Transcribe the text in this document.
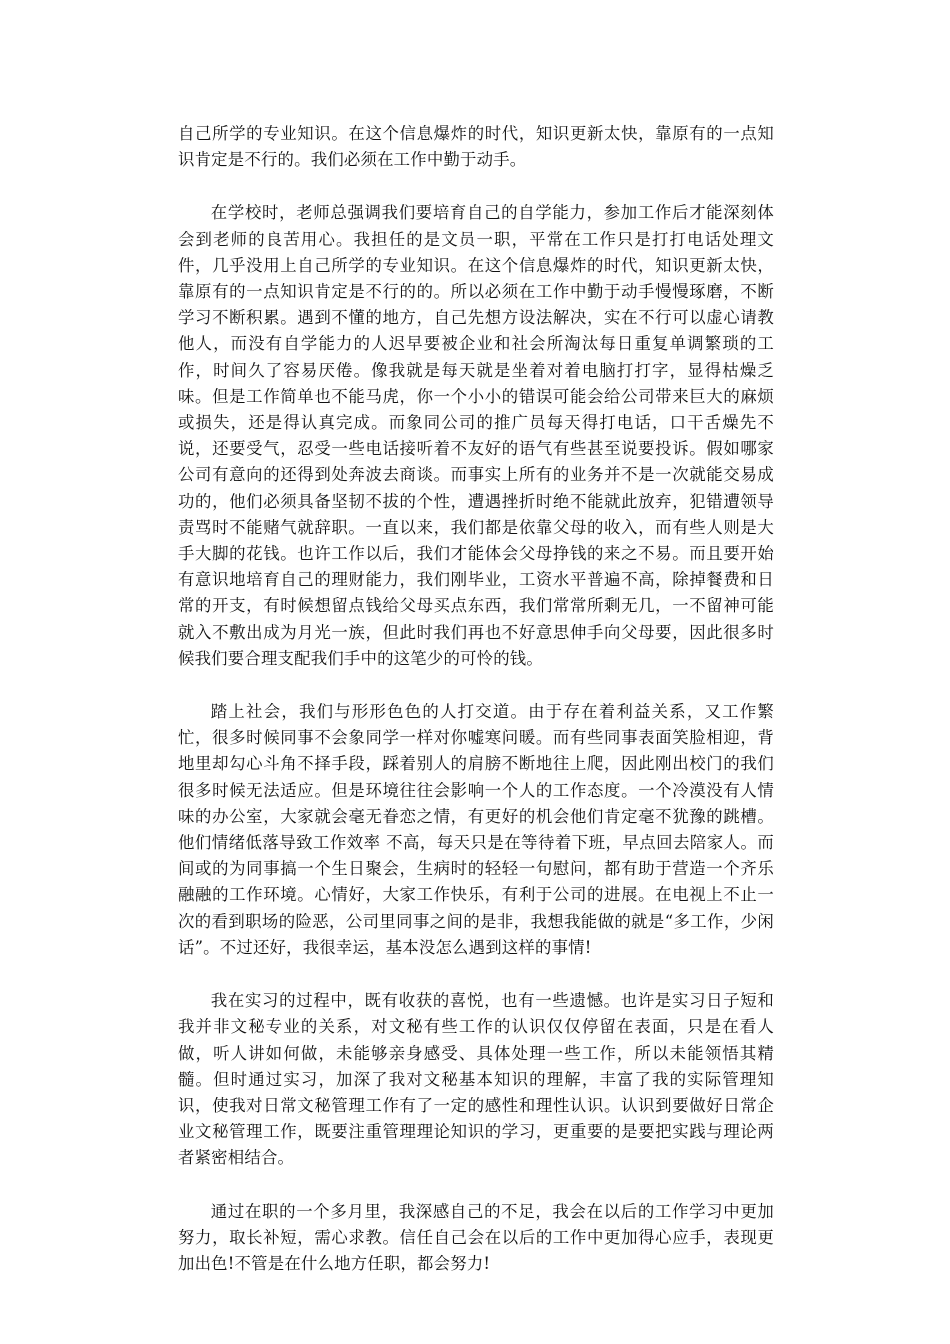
自己所学的专业知识。在这个信息爆炸的时代，知识更新太快，靠原有的一点知识肯定是不行的。我们必须在工作中勤于动手。

在学校时，老师总强调我们要培育自己的自学能力，参加工作后才能深刻体会到老师的良苦用心。我担任的是文员一职，平常在工作只是打打电话处理文件，几乎没用上自己所学的专业知识。在这个信息爆炸的时代，知识更新太快，靠原有的一点知识肯定是不行的的。所以必须在工作中勤于动手慢慢琢磨，不断学习不断积累。遇到不懂的地方，自己先想方设法解决，实在不行可以虚心请教他人，而没有自学能力的人迟早要被企业和社会所淘汰每日重复单调繁琐的工作，时间久了容易厌倦。像我就是每天就是坐着对着电脑打打字，显得枯燥乏味。但是工作简单也不能马虎，你一个小小的错误可能会给公司带来巨大的麻烦或损失，还是得认真完成。而象同公司的推广员每天得打电话，口干舌燥先不说，还要受气，忍受一些电话接听着不友好的语气有些甚至说要投诉。假如哪家公司有意向的还得到处奔波去商谈。而事实上所有的业务并不是一次就能交易成功的，他们必须具备坚韧不拔的个性，遭遇挫折时绝不能就此放弃，犯错遭领导责骂时不能赌气就辞职。一直以来，我们都是依靠父母的收入，而有些人则是大手大脚的花钱。也许工作以后，我们才能体会父母挣钱的来之不易。而且要开始有意识地培育自己的理财能力，我们刚毕业，工资水平普遍不高，除掉餐费和日常的开支，有时候想留点钱给父母买点东西，我们常常所剩无几，一不留神可能就入不敷出成为月光一族，但此时我们再也不好意思伸手向父母要，因此很多时候我们要合理支配我们手中的这笔少的可怜的钱。

踏上社会，我们与形形色色的人打交道。由于存在着利益关系，又工作繁忙，很多时候同事不会象同学一样对你嘘寒问暖。而有些同事表面笑脸相迎，背地里却勾心斗角不择手段，踩着别人的肩膀不断地往上爬，因此刚出校门的我们很多时候无法适应。但是环境往往会影响一个人的工作态度。一个冷漠没有人情味的办公室，大家就会毫无眷恋之情，有更好的机会他们肯定毫不犹豫的跳槽。他们情绪低落导致工作效率 不高，每天只是在等待着下班，早点回去陪家人。而间或的为同事搞一个生日聚会，生病时的轻轻一句慰问，都有助于营造一个齐乐融融的工作环境。心情好，大家工作快乐，有利于公司的进展。在电视上不止一次的看到职场的险恶，公司里同事之间的是非，我想我能做的就是“多工作，少闲话”。不过还好，我很幸运，基本没怎么遇到这样的事情!

我在实习的过程中，既有收获的喜悦，也有一些遗憾。也许是实习日子短和我并非文秘专业的关系，对文秘有些工作的认识仅仅停留在表面，只是在看人做，听人讲如何做，未能够亲身感受、具体处理一些工作，所以未能领悟其精髓。但时通过实习，加深了我对文秘基本知识的理解，丰富了我的实际管理知识，使我对日常文秘管理工作有了一定的感性和理性认识。认识到要做好日常企业文秘管理工作，既要注重管理理论知识的学习，更重要的是要把实践与理论两者紧密相结合。

通过在职的一个多月里，我深感自己的不足，我会在以后的工作学习中更加努力，取长补短，需心求教。信任自己会在以后的工作中更加得心应手，表现更加出色!不管是在什么地方任职，都会努力!
